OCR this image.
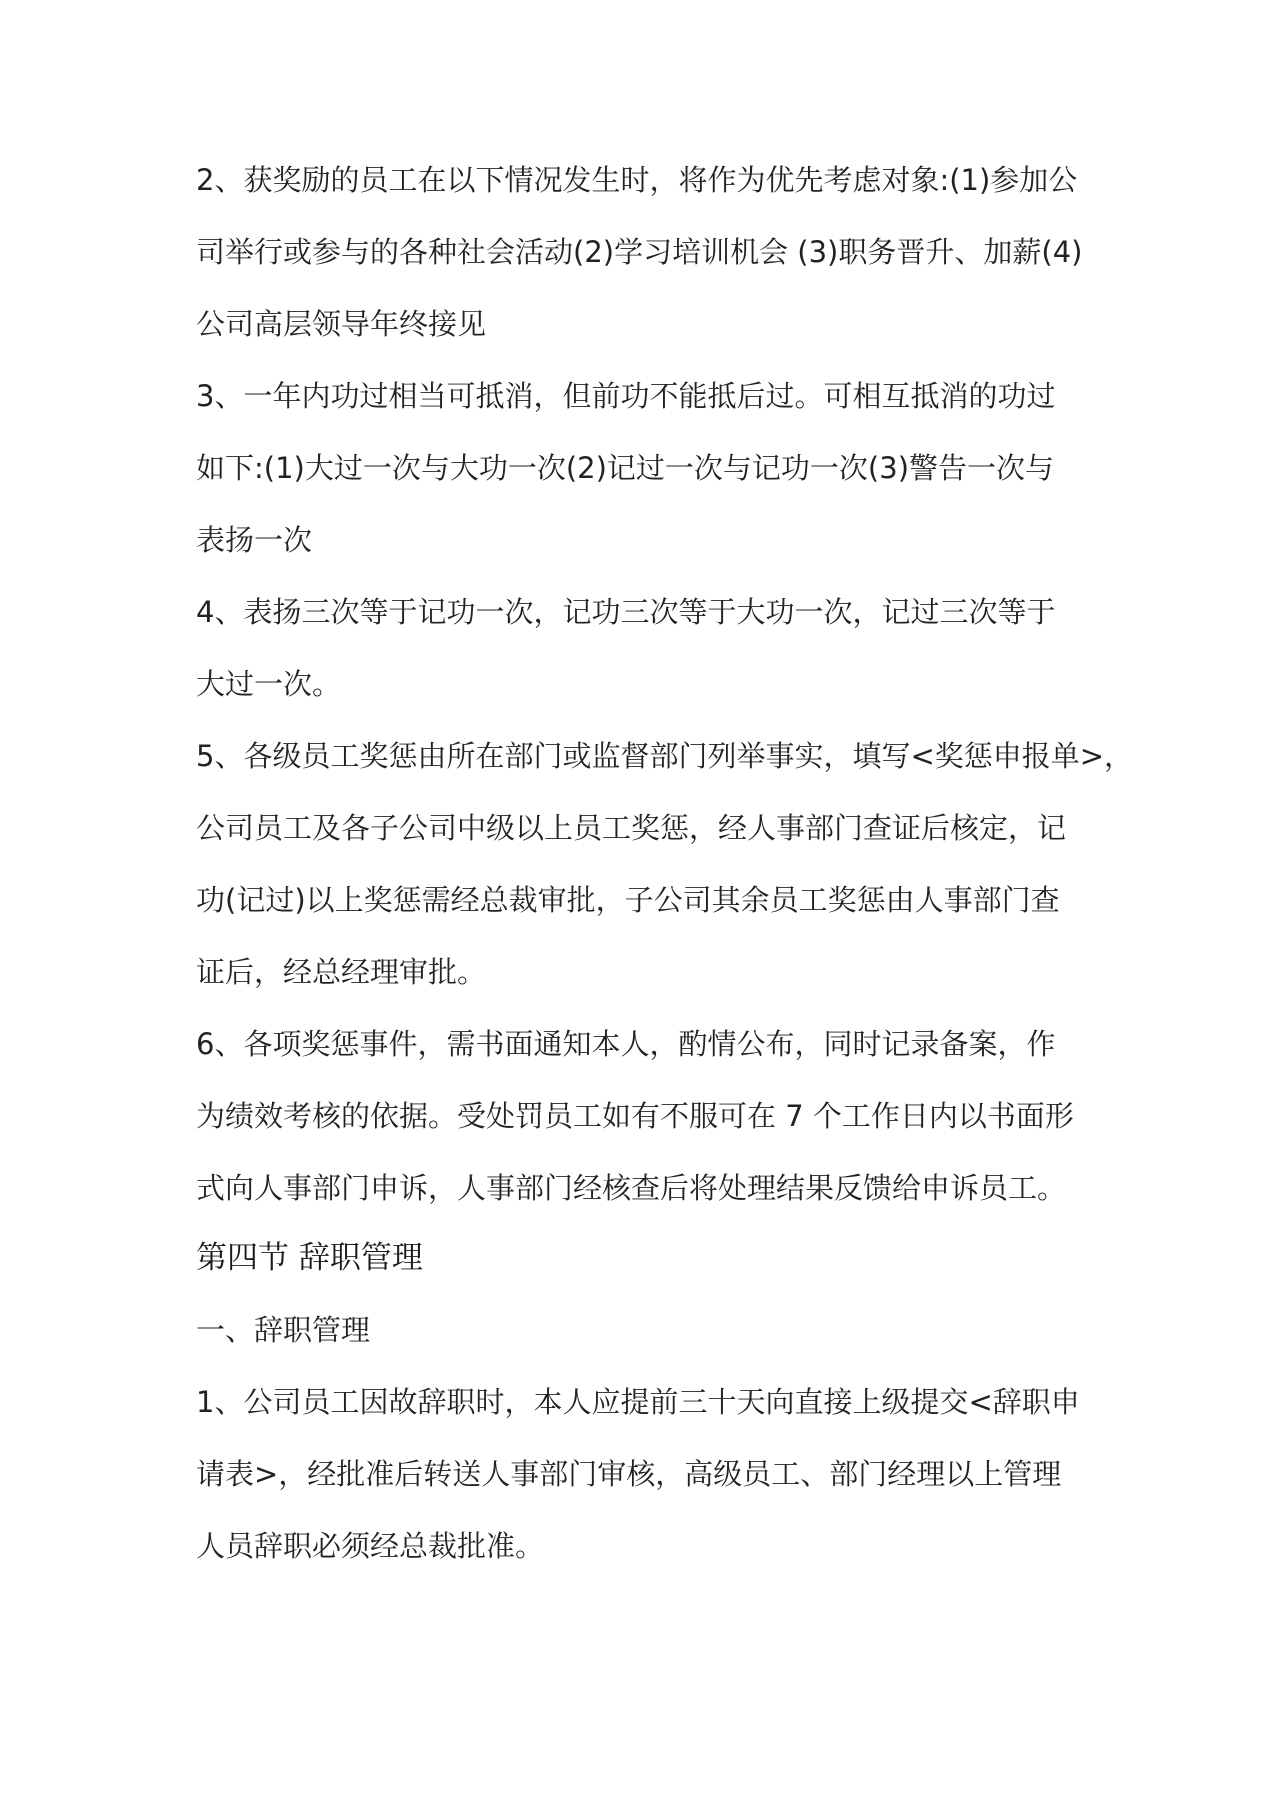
2、获奖励的员工在以下情况发生时，将作为优先考虑对象:(1)参加公
司举行或参与的各种社会活动(2)学习培训机会 (3)职务晋升、加薪(4)
公司高层领导年终接见
3、一年内功过相当可抵消，但前功不能抵后过。可相互抵消的功过
如下:(1)大过一次与大功一次(2)记过一次与记功一次(3)警告一次与
表扬一次
4、表扬三次等于记功一次，记功三次等于大功一次，记过三次等于
大过一次。
5、各级员工奖惩由所在部门或监督部门列举事实，填写<奖惩申报单>，
公司员工及各子公司中级以上员工奖惩，经人事部门查证后核定，记
功(记过)以上奖惩需经总裁审批，子公司其余员工奖惩由人事部门查
证后，经总经理审批。
6、各项奖惩事件，需书面通知本人，酌情公布，同时记录备案，作
为绩效考核的依据。受处罚员工如有不服可在 7 个工作日内以书面形
式向人事部门申诉，人事部门经核查后将处理结果反馈给申诉员工。
第四节 辞职管理
一、辞职管理
1、公司员工因故辞职时，本人应提前三十天向直接上级提交<辞职申
请表>，经批准后转送人事部门审核，高级员工、部门经理以上管理
人员辞职必须经总裁批准。
